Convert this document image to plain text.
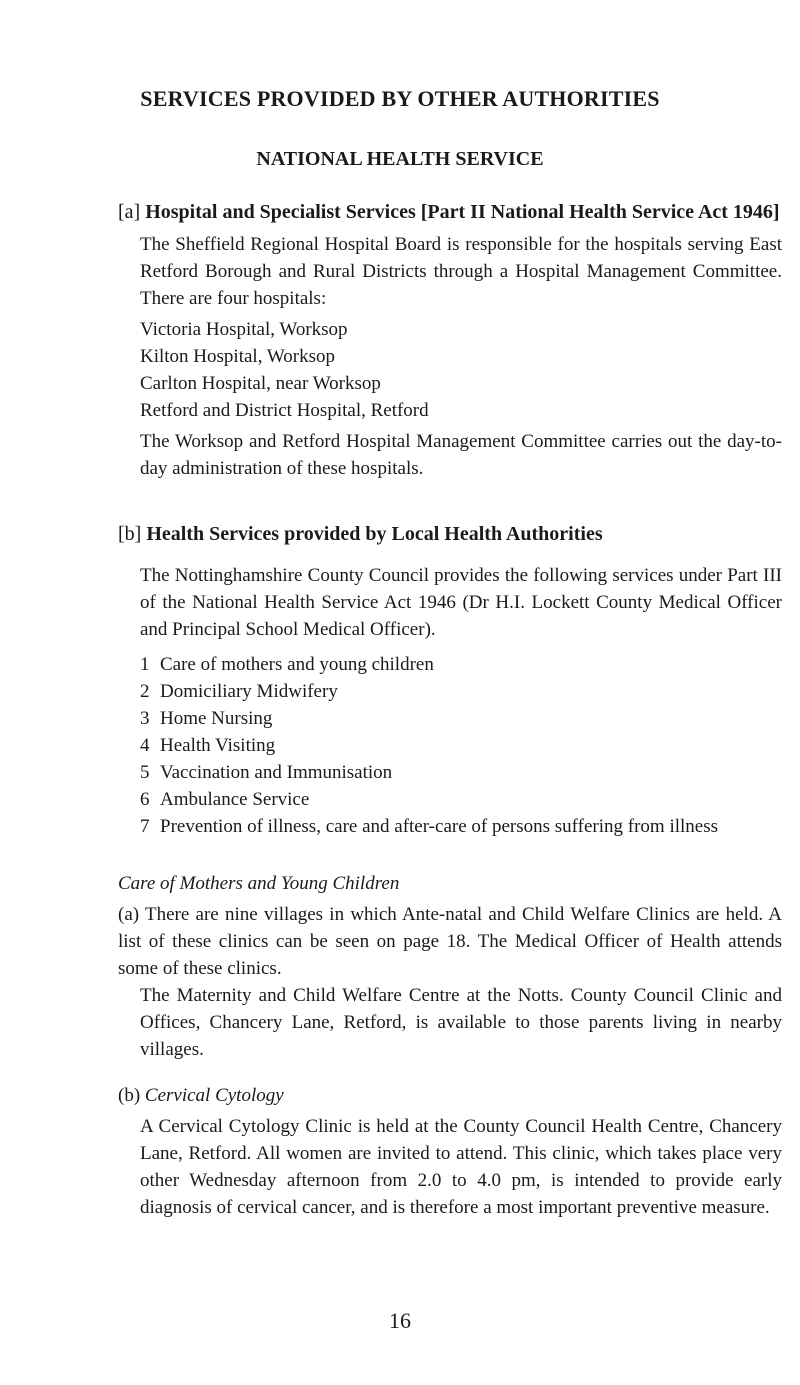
SERVICES PROVIDED BY OTHER AUTHORITIES
NATIONAL HEALTH SERVICE
[a] Hospital and Specialist Services [Part II National Health Service Act 1946]

The Sheffield Regional Hospital Board is responsible for the hospitals serving East Retford Borough and Rural Districts through a Hospital Management Committee. There are four hospitals:

Victoria Hospital, Worksop
Kilton Hospital, Worksop
Carlton Hospital, near Worksop
Retford and District Hospital, Retford

The Worksop and Retford Hospital Management Committee carries out the day-to-day administration of these hospitals.

[b] Health Services provided by Local Health Authorities

The Nottinghamshire County Council provides the following services under Part III of the National Health Service Act 1946 (Dr H.I. Lockett County Medical Officer and Principal School Medical Officer).

1 Care of mothers and young children
2 Domiciliary Midwifery
3 Home Nursing
4 Health Visiting
5 Vaccination and Immunisation
6 Ambulance Service
7 Prevention of illness, care and after-care of persons suffering from illness
Care of Mothers and Young Children

(a) There are nine villages in which Ante-natal and Child Welfare Clinics are held. A list of these clinics can be seen on page 18. The Medical Officer of Health attends some of these clinics.

The Maternity and Child Welfare Centre at the Notts. County Council Clinic and Offices, Chancery Lane, Retford, is available to those parents living in nearby villages.

(b) Cervical Cytology

A Cervical Cytology Clinic is held at the County Council Health Centre, Chancery Lane, Retford. All women are invited to attend. This clinic, which takes place very other Wednesday afternoon from 2.0 to 4.0 pm, is intended to provide early diagnosis of cervical cancer, and is therefore a most important preventive measure.

16
